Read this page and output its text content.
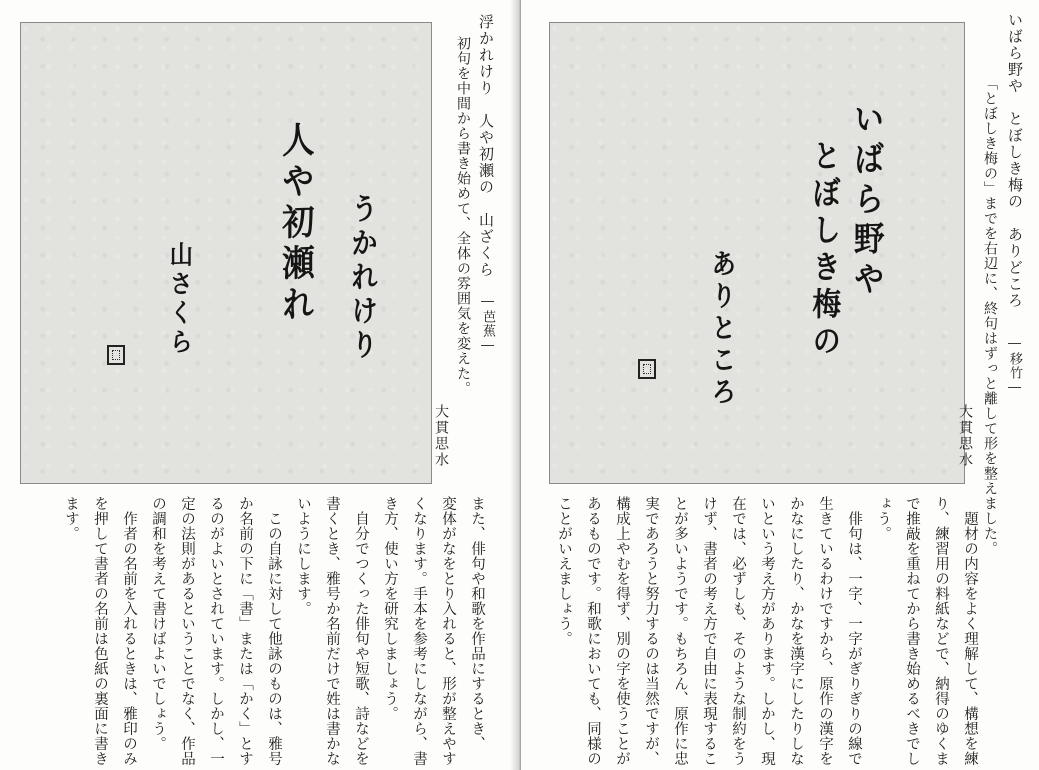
うかれけり
人や初瀬れ
山さくら

浮かれけり　人や初瀬の　山ざくら

―芭蕉―

初句を中間から書き始めて、全体の雰囲気を変えた。

大貫思水

また、俳句や和歌を作品にするとき、
変体がなをとり入れると、形が整えやす
くなります。手本を参考にしながら、書
き方、使い方を研究しましょう。
　自分でつくった俳句や短歌、詩などを
書くとき、雅号か名前だけで姓は書かな
いようにします。
　この自詠に対して他詠のものは、雅号
か名前の下に「書」または「かく」とす
るのがよいとされています。しかし、一
定の法則があるということでなく、作品
の調和を考えて書けばよいでしょう。
　作者の名前を入れるときは、雅印のみ
を押して書者の名前は色紙の裏面に書き
ます。
いばら野や
とぼしき梅の
ありところ

いばら野や　とぼしき梅の　ありどころ

―移竹―

「とぼしき梅の」までを右辺に、終句はずっと離して形を整えました。

大貫思水

　題材の内容をよく理解して、構想を練
り、練習用の料紙などで、納得のゆくま
で推敲を重ねてから書き始めるべきでし
ょう。
　俳句は、一字、一字がぎりぎりの線で
生きているわけですから、原作の漢字を
かなにしたり、かなを漢字にしたりしな
いという考え方があります。しかし、現
在では、必ずしも、そのような制約をう
けず、書者の考え方で自由に表現するこ
とが多いようです。もちろん、原作に忠
実であろうと努力するのは当然ですが、
構成上やむを得ず、別の字を使うことが
あるものです。和歌においても、同様の
ことがいえましょう。
